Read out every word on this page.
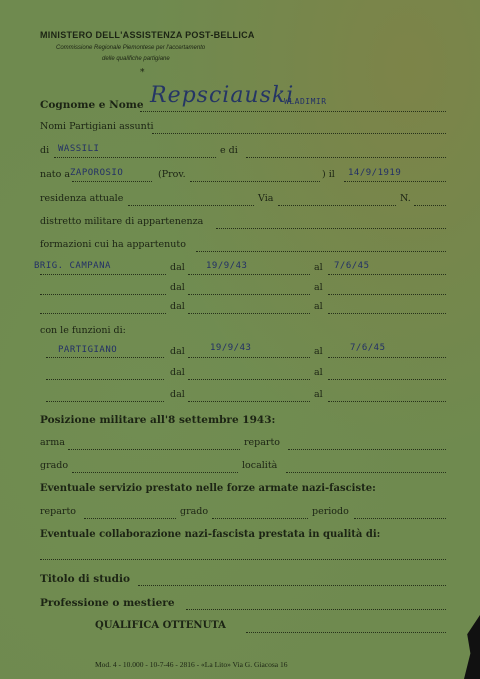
MINISTERO DELL'ASSISTENZA POST-BELLICA
Commissione Regionale Piemontese per l'accertamento
delle qualifiche partigiane
*
Cognome e Nome Repsciauski
WLADIMIR
Nomi Partigiani assunti
di WASSILI	e di
nato a ZAPOROSIO	(Prov.	) il 14/9/1919
residenza attuale	Via	N.
distretto militare di appartenenza
formazioni cui ha appartenuto
BRIG. CAMPANA	dal 19/9/43	al 7/6/45
dal	al
dal	al
con le funzioni di:
PARTIGIANO	dal	19/9/43	al	7/6/45
dal	al
dal	al
Posizione militare all'8 settembre 1943:
arma	reparto
grado	località
Eventuale servizio prestato nelle forze armate nazi-fasciste:
reparto	grado	periodo
Eventuale collaborazione nazi-fascista prestata in qualità di:
Titolo di studio
Professione o mestiere
QUALIFICA OTTENUTA
Mod. 4 - 10.000 - 10-7-46 - 2816 - «La Lito» Via G. Giacosa 16
